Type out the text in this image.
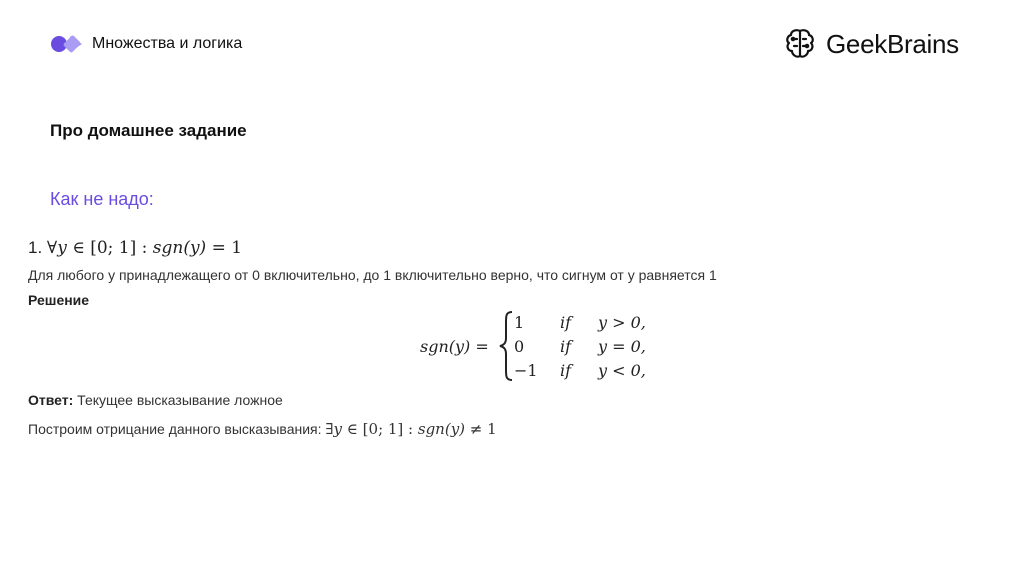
Множества и логика	GeekBrains
Про домашнее задание
Как не надо:
1. ∀y ∈ [0; 1] : sgn(y) = 1
Для любого у принадлежащего от 0 включительно, до 1 включительно верно, что сигнум от у равняется 1
Решение
sgn(y) =
1 if y > 0,
0 if y = 0,
−1 if y < 0,
Ответ: Текущее высказывание ложное
Построим отрицание данного высказывания: ∃y ∈ [0; 1] : sgn(y) ≠ 1
